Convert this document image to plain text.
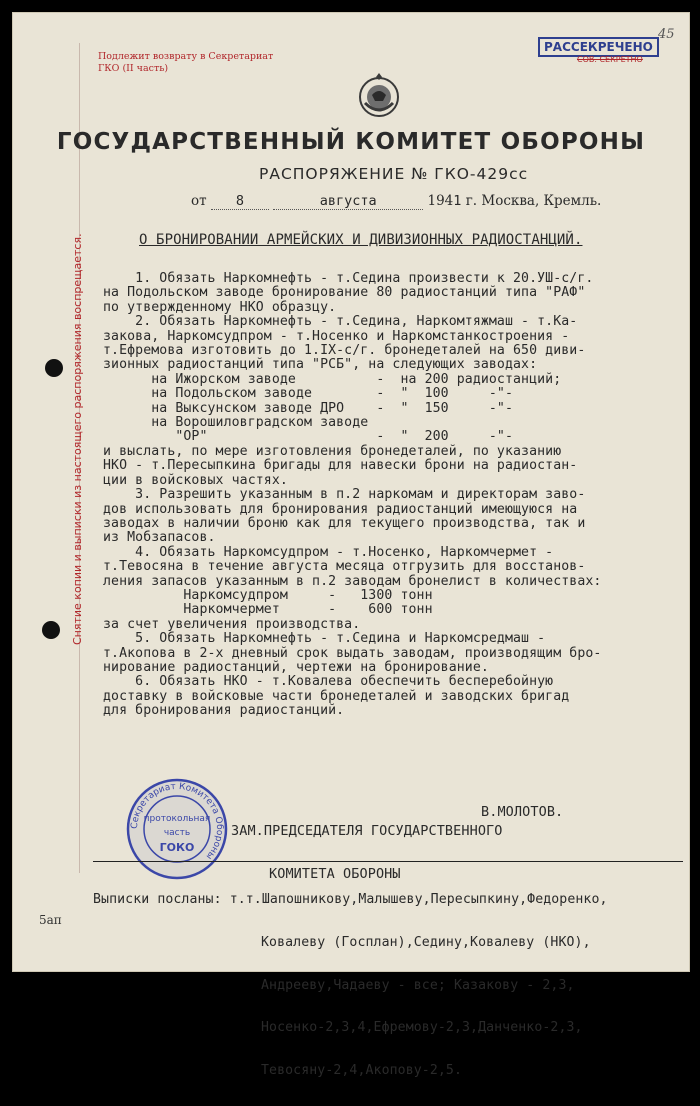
Подлежит возврату в Секретариат
ГКО (II часть)
РАССЕКРЕЧЕНО
СОВ. СЕКРЕТНО
45
Снятие копии и выписки из настоящего распоряжения воспрещается.
ГОСУДАРСТВЕННЫЙ КОМИТЕТ ОБОРОНЫ
РАСПОРЯЖЕНИЕ № ГКО-429сс
от 8	августа	1941 г. Москва, Кремль.
О БРОНИРОВАНИИ АРМЕЙСКИХ И ДИВИЗИОННЫХ РАДИОСТАНЦИЙ.
1. Обязать Наркомнефть - т.Седина произвести к 20.УШ-с/г.
на Подольском заводе бронирование 80 радиостанций типа "РАФ"
по утвержденному НКО образцу.
2. Обязать Наркомнефть - т.Седина, Наркомтяжмаш - т.Ка-
закова, Наркомсудпром - т.Носенко и Наркомстанкостроения -
т.Ефремова изготовить до 1.IX-с/г. бронедеталей на 650 диви-
зионных радиостанций типа "РСБ", на следующих заводах:
на Ижорском заводе          -  на 200 радиостанций;
на Подольском заводе        -  "  100     -"-
на Выксунском заводе ДРО    -  "  150     -"-
на Ворошиловградском заводе
"ОР"                     -  "  200     -"-
и выслать, по мере изготовления бронедеталей, по указанию
НКО - т.Пересыпкина бригады для навески брони на радиостан-
ции в войсковых частях.
3. Разрешить указанным в п.2 наркомам и директорам заво-
дов использовать для бронирования радиостанций имеющуюся на
заводах в наличии броню как для текущего производства, так и
из Мобзапасов.
4. Обязать Наркомсудпром - т.Носенко, Наркомчермет -
т.Тевосяна в течение августа месяца отгрузить для восстанов-
ления запасов указанным в п.2 заводам бронелист в количествах:
Наркомсудпром     -   1300 тонн
Наркомчермет      -    600 тонн
за счет увеличения производства.
5. Обязать Наркомнефть - т.Седина и Наркомсредмаш -
т.Акопова в 2-х дневный срок выдать заводам, производящим бро-
нирование радиостанций, чертежи на бронирование.
6. Обязать НКО - т.Ковалева обеспечить бесперебойную
доставку в войсковые части бронедеталей и заводских бригад
для бронирования радиостанций.

ЗАМ.ПРЕДСЕДАТЕЛЯ ГОСУДАРСТВЕННОГО

КОМИТЕТА ОБОРОНЫ

В.МОЛОТОВ.
Секретариат Комитета Обороны
протокольная
часть
ГОКО

Выписки посланы: т.т.Шапошникову,Малышеву,Пересыпкину,Федоренко,

Ковалеву (Госплан),Седину,Ковалеву (НКО),

Андрееву,Чадаеву - все; Казакову - 2,3,

Носенко-2,3,4,Ефремову-2,3,Данченко-2,3,

Тевосяну-2,4,Акопову-2,5.

5ап
